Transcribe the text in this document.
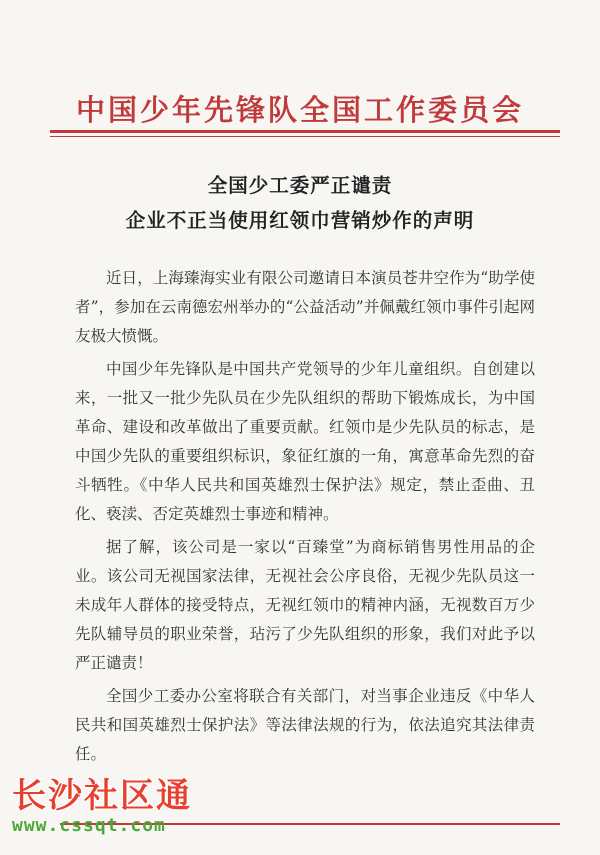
中国少年先锋队全国工作委员会
全国少工委严正谴责
企业不正当使用红领巾营销炒作的声明

近日，上海臻海实业有限公司邀请日本演员苍井空作为“助学使者”，参加在云南德宏州举办的“公益活动”并佩戴红领巾事件引起网友极大愤慨。

中国少年先锋队是中国共产党领导的少年儿童组织。自创建以来，一批又一批少先队员在少先队组织的帮助下锻炼成长，为中国革命、建设和改革做出了重要贡献。红领巾是少先队员的标志，是中国少先队的重要组织标识，象征红旗的一角，寓意革命先烈的奋斗牺牲。《中华人民共和国英雄烈士保护法》规定，禁止歪曲、丑化、亵渎、否定英雄烈士事迹和精神。

据了解，该公司是一家以“百臻堂”为商标销售男性用品的企业。该公司无视国家法律，无视社会公序良俗，无视少先队员这一未成年人群体的接受特点，无视红领巾的精神内涵，无视数百万少先队辅导员的职业荣誉，玷污了少先队组织的形象，我们对此予以严正谴责！

全国少工委办公室将联合有关部门，对当事企业违反《中华人民共和国英雄烈士保护法》等法律法规的行为，依法追究其法律责任。

长沙社区通
www.cssqt.com
